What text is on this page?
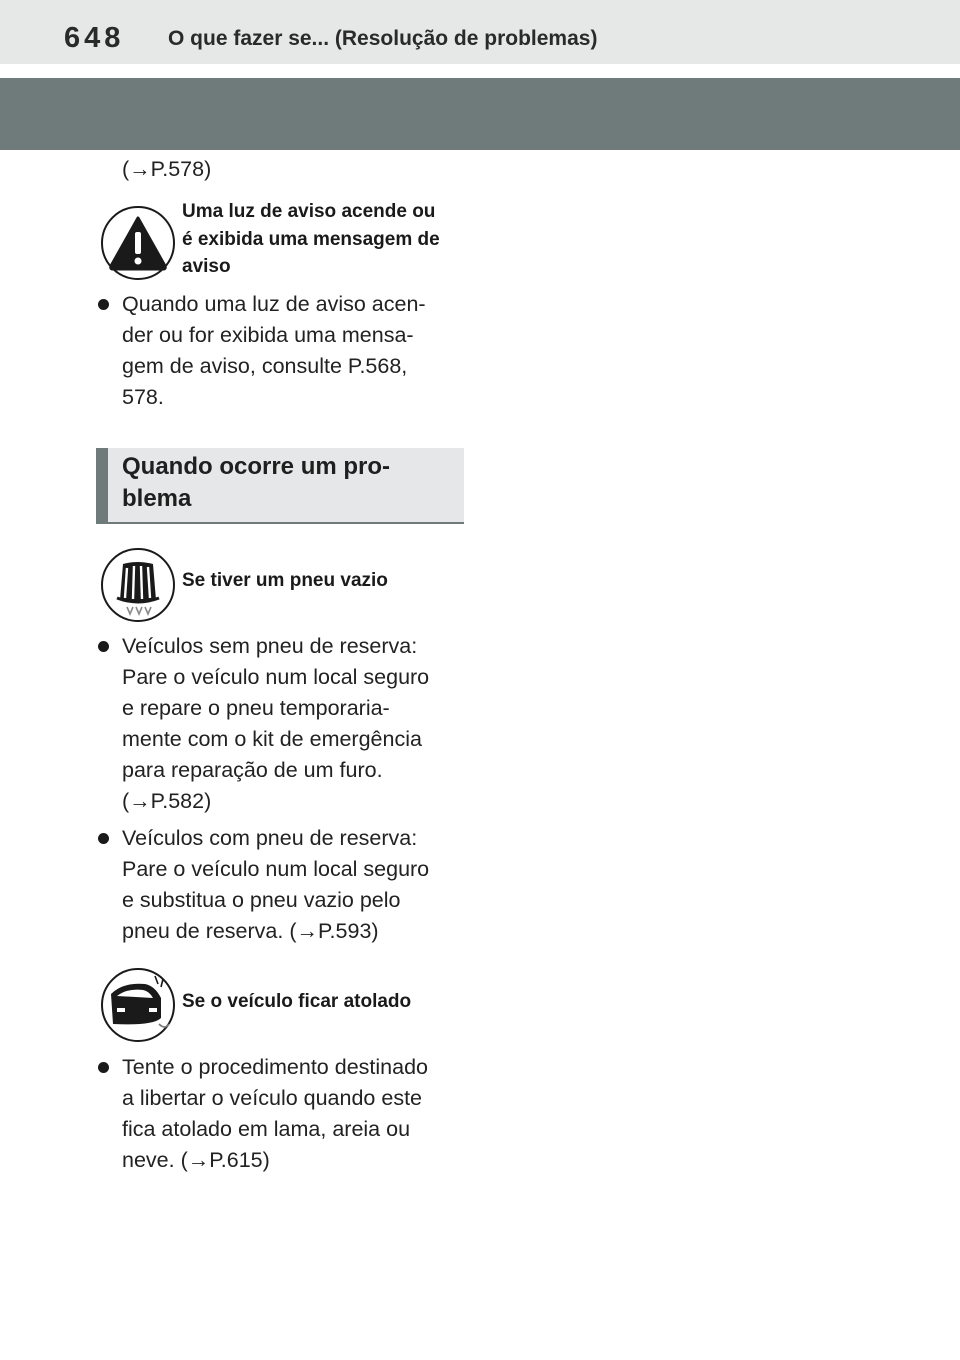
648 O que fazer se... (Resolução de problemas)
(→P.578)
Uma luz de aviso acende ou
é exibida uma mensagem de
aviso
Quando uma luz de aviso acen-
der ou for exibida uma mensa-
gem de aviso, consulte P.568,
578.
Quando ocorre um pro-
blema
Se tiver um pneu vazio
Veículos sem pneu de reserva:
Pare o veículo num local seguro
e repare o pneu temporaria-
mente com o kit de emergência
para reparação de um furo.
(→P.582)
Veículos com pneu de reserva:
Pare o veículo num local seguro
e substitua o pneu vazio pelo
pneu de reserva. (→P.593)
Se o veículo ficar atolado
Tente o procedimento destinado
a libertar o veículo quando este
fica atolado em lama, areia ou
neve. (→P.615)
